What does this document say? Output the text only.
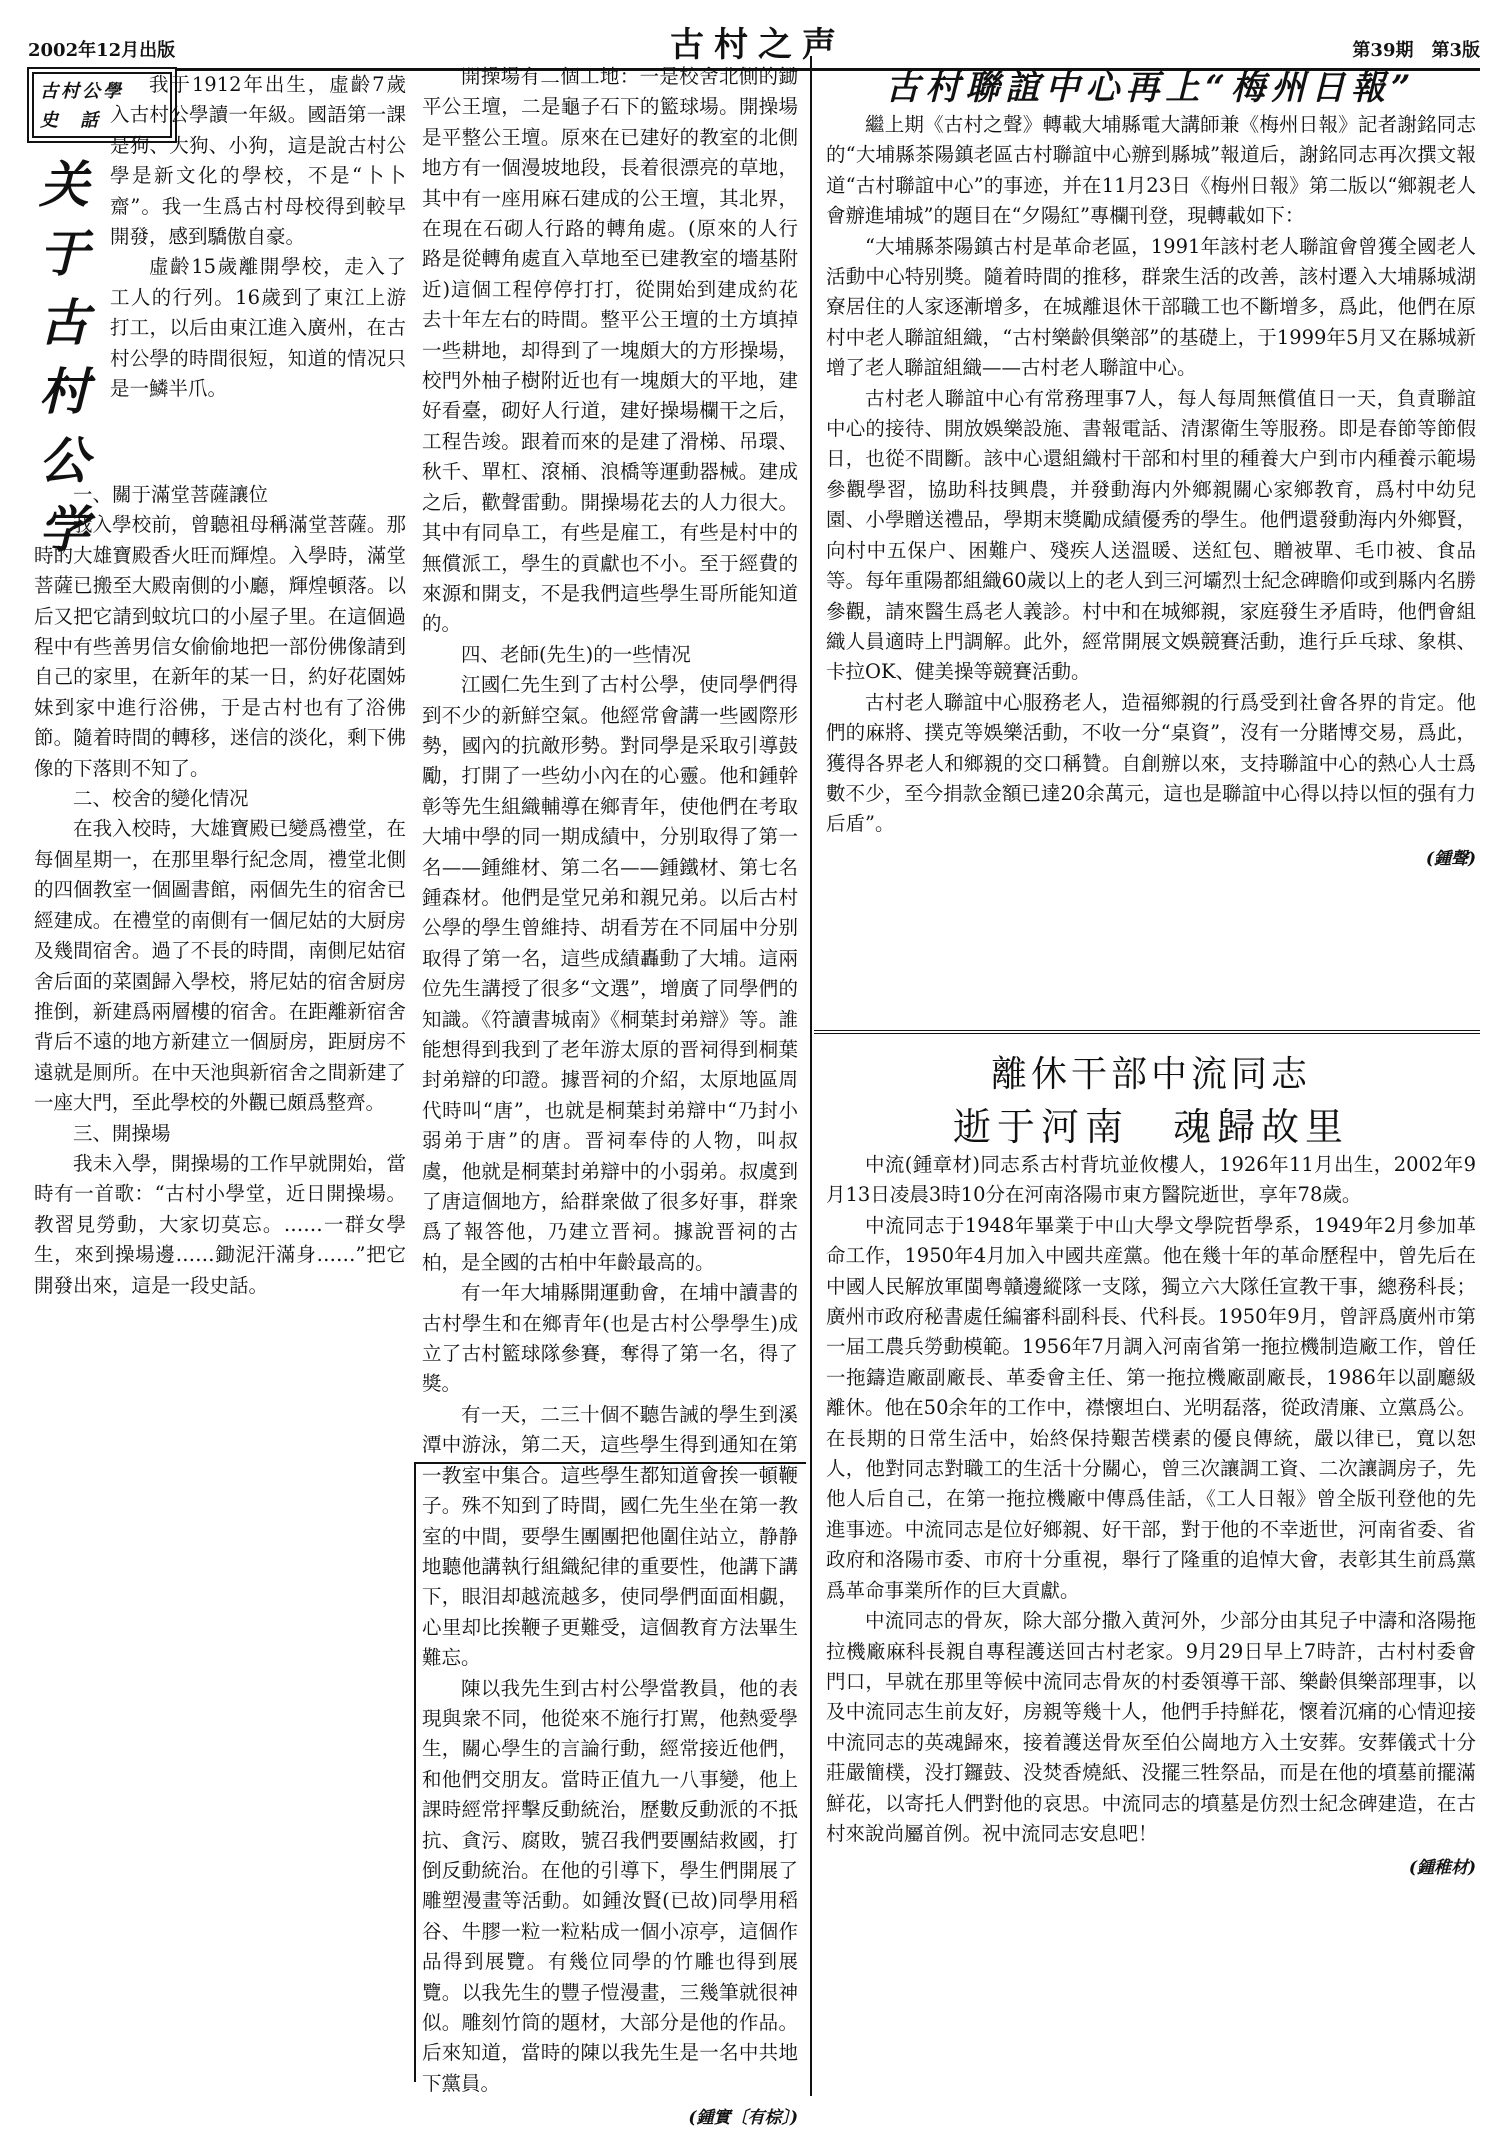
2002年12月出版	古村之声	第39期　第3版
古村公學
史話
关
于
古
村
公
学

我于1912年出生，虛齡7歲入古村公學讀一年級。國語第一課是狗、大狗、小狗，這是說古村公學是新文化的學校，不是“卜卜齋”。我一生爲古村母校得到較早開發，感到驕傲自豪。

虛齡15歲離開學校，走入了工人的行列。16歲到了東江上游打工，以后由東江進入廣州，在古村公學的時間很短，知道的情况只是一鱗半爪。

一、關于滿堂菩薩讓位

我入學校前，曾聽祖母稱滿堂菩薩。那時的大雄寶殿香火旺而輝煌。入學時，滿堂菩薩已搬至大殿南側的小廳，輝煌頓落。以后又把它請到蚊坑口的小屋子里。在這個過程中有些善男信女偷偷地把一部份佛像請到自己的家里，在新年的某一日，約好花園姊妹到家中進行浴佛，于是古村也有了浴佛節。隨着時間的轉移，迷信的淡化，剩下佛像的下落則不知了。

二、校舍的變化情况

在我入校時，大雄寶殿已變爲禮堂，在每個星期一，在那里舉行紀念周，禮堂北側的四個教室一個圖書館，兩個先生的宿舍已經建成。在禮堂的南側有一個尼姑的大厨房及幾間宿舍。過了不長的時間，南側尼姑宿舍后面的菜園歸入學校，將尼姑的宿舍厨房推倒，新建爲兩層樓的宿舍。在距離新宿舍背后不遠的地方新建立一個厨房，距厨房不遠就是厠所。在中天池與新宿舍之間新建了一座大門，至此學校的外觀已頗爲整齊。

三、開操場

我未入學，開操場的工作早就開始，當時有一首歌：“古村小學堂，近日開操場。教習見勞動，大家切莫忘。……一群女學生，來到操場邊……鋤泥汗滿身……”把它開發出來，這是一段史話。

開操場有二個工地：一是校舍北側的鋤平公王壇，二是龜子石下的籃球場。開操場是平整公王壇。原來在已建好的教室的北側地方有一個漫坡地段，長着很漂亮的草地，其中有一座用麻石建成的公王壇，其北界，在現在石砌人行路的轉角處。(原來的人行路是從轉角處直入草地至已建教室的墻基附近)這個工程停停打打，從開始到建成約花去十年左右的時間。整平公王壇的土方填掉一些耕地，却得到了一塊頗大的方形操場，校門外柚子樹附近也有一塊頗大的平地，建好看臺，砌好人行道，建好操場欄干之后，工程告竣。跟着而來的是建了滑梯、吊環、秋千、單杠、滾桶、浪橋等運動器械。建成之后，歡聲雷動。開操場花去的人力很大。其中有同阜工，有些是雇工，有些是村中的無償派工，學生的貢獻也不小。至于經費的來源和開支，不是我們這些學生哥所能知道的。

四、老師(先生)的一些情况

江國仁先生到了古村公學，使同學們得到不少的新鮮空氣。他經常會講一些國際形勢，國內的抗敵形勢。對同學是采取引導鼓勵，打開了一些幼小內在的心靈。他和鍾幹彰等先生組織輔導在鄉青年，使他們在考取大埔中學的同一期成績中，分别取得了第一名——鍾維材、第二名——鍾鐵材、第七名鍾森材。他們是堂兄弟和親兄弟。以后古村公學的學生曾維持、胡看芳在不同届中分别取得了第一名，這些成績轟動了大埔。這兩位先生講授了很多“文選”，增廣了同學們的知識。《符讀書城南》《桐葉封弟辯》等。誰能想得到我到了老年游太原的晋祠得到桐葉封弟辯的印證。據晋祠的介紹，太原地區周代時叫“唐”，也就是桐葉封弟辯中“乃封小弱弟于唐”的唐。晋祠奉侍的人物，叫叔虞，他就是桐葉封弟辯中的小弱弟。叔虞到了唐這個地方，給群衆做了很多好事，群衆爲了報答他，乃建立晋祠。據說晋祠的古柏，是全國的古柏中年齡最高的。

有一年大埔縣開運動會，在埔中讀書的古村學生和在鄉青年(也是古村公學學生)成立了古村籃球隊參賽，奪得了第一名，得了獎。

有一天，二三十個不聽告誡的學生到溪潭中游泳，第二天，這些學生得到通知在第一教室中集合。這些學生都知道會挨一頓鞭子。殊不知到了時間，國仁先生坐在第一教室的中間，要學生團團把他圍住站立，静静地聽他講執行組織紀律的重要性，他講下講下，眼泪却越流越多，使同學們面面相覷，心里却比挨鞭子更難受，這個教育方法畢生難忘。

陳以我先生到古村公學當教員，他的表現與衆不同，他從來不施行打駡，他熱愛學生，關心學生的言論行動，經常接近他們，和他們交朋友。當時正值九一八事變，他上課時經常抨擊反動統治，歷數反動派的不抵抗、貪污、腐敗，號召我們要團結救國，打倒反動統治。在他的引導下，學生們開展了雕塑漫畫等活動。如鍾汝賢(已故)同學用稻谷、牛膠一粒一粒粘成一個小凉亭，這個作品得到展覽。有幾位同學的竹雕也得到展覽。以我先生的豐子愷漫畫，三幾筆就很神似。雕刻竹筒的題材，大部分是他的作品。后來知道，當時的陳以我先生是一名中共地下黨員。

(鍾實〔有棕〕)
古村聯誼中心再上“梅州日報”

繼上期《古村之聲》轉載大埔縣電大講師兼《梅州日報》記者謝銘同志的“大埔縣茶陽鎮老區古村聯誼中心辦到縣城”報道后，謝銘同志再次撰文報道“古村聯誼中心”的事迹，并在11月23日《梅州日報》第二版以“鄉親老人會辦進埔城”的題目在“夕陽紅”專欄刊登，現轉載如下：

“大埔縣茶陽鎮古村是革命老區，1991年該村老人聯誼會曾獲全國老人活動中心特别獎。隨着時間的推移，群衆生活的改善，該村遷入大埔縣城湖寮居住的人家逐漸增多，在城離退休干部職工也不斷增多，爲此，他們在原村中老人聯誼組織，“古村樂齡俱樂部”的基礎上，于1999年5月又在縣城新增了老人聯誼組織——古村老人聯誼中心。

古村老人聯誼中心有常務理事7人，每人每周無償值日一天，負責聯誼中心的接待、開放娛樂設施、書報電話、清潔衛生等服務。即是春節等節假日，也從不間斷。該中心還組織村干部和村里的種養大户到市内種養示範場參觀學習，協助科技興農，并發動海内外鄉親關心家鄉教育，爲村中幼兒園、小學贈送禮品，學期末獎勵成績優秀的學生。他們還發動海内外鄉賢，向村中五保户、困難户、殘疾人送溫暖、送紅包、贈被單、毛巾被、食品等。每年重陽都組織60歲以上的老人到三河壩烈士紀念碑瞻仰或到縣内名勝參觀，請來醫生爲老人義診。村中和在城鄉親，家庭發生矛盾時，他們會組織人員適時上門調解。此外，經常開展文娛競賽活動，進行乒乓球、象棋、卡拉OK、健美操等競賽活動。

古村老人聯誼中心服務老人，造福鄉親的行爲受到社會各界的肯定。他們的麻將、撲克等娛樂活動，不收一分“桌資”，沒有一分賭博交易，爲此，獲得各界老人和鄉親的交口稱贊。自創辦以來，支持聯誼中心的熱心人士爲數不少，至今捐款金額已達20余萬元，這也是聯誼中心得以持以恒的强有力后盾”。

(鍾聲)
離休干部中流同志
逝于河南　魂歸故里

中流(鍾章材)同志系古村背坑並攸樓人，1926年11月出生，2002年9月13日凌晨3時10分在河南洛陽市東方醫院逝世，享年78歲。

中流同志于1948年畢業于中山大學文學院哲學系，1949年2月參加革命工作，1950年4月加入中國共産黨。他在幾十年的革命歷程中，曾先后在中國人民解放軍閩粤贛邊縱隊一支隊，獨立六大隊任宣教干事，總務科長；廣州市政府秘書處任編審科副科長、代科長。1950年9月，曾評爲廣州市第一届工農兵勞動模範。1956年7月調入河南省第一拖拉機制造廠工作，曾任一拖鑄造廠副廠長、革委會主任、第一拖拉機廠副廠長，1986年以副廳級離休。他在50余年的工作中，襟懷坦白、光明磊落，從政清廉、立黨爲公。在長期的日常生活中，始終保持艱苦樸素的優良傳統，嚴以律已，寬以恕人，他對同志對職工的生活十分關心，曾三次讓調工資、二次讓調房子，先他人后自己，在第一拖拉機廠中傳爲佳話，《工人日報》曾全版刊登他的先進事迹。中流同志是位好鄉親、好干部，對于他的不幸逝世，河南省委、省政府和洛陽市委、市府十分重視，舉行了隆重的追悼大會，表彰其生前爲黨爲革命事業所作的巨大貢獻。

中流同志的骨灰，除大部分撒入黄河外，少部分由其兒子中濤和洛陽拖拉機廠麻科長親自專程護送回古村老家。9月29日早上7時許，古村村委會門口，早就在那里等候中流同志骨灰的村委領導干部、樂齡俱樂部理事，以及中流同志生前友好，房親等幾十人，他們手持鮮花，懷着沉痛的心情迎接中流同志的英魂歸來，接着護送骨灰至伯公崗地方入土安葬。安葬儀式十分莊嚴簡樸，没打鑼鼓、没焚香燒紙、没擺三牲祭品，而是在他的墳墓前擺滿鮮花，以寄托人們對他的哀思。中流同志的墳墓是仿烈士紀念碑建造，在古村來說尚屬首例。祝中流同志安息吧！

(鍾稚材)
